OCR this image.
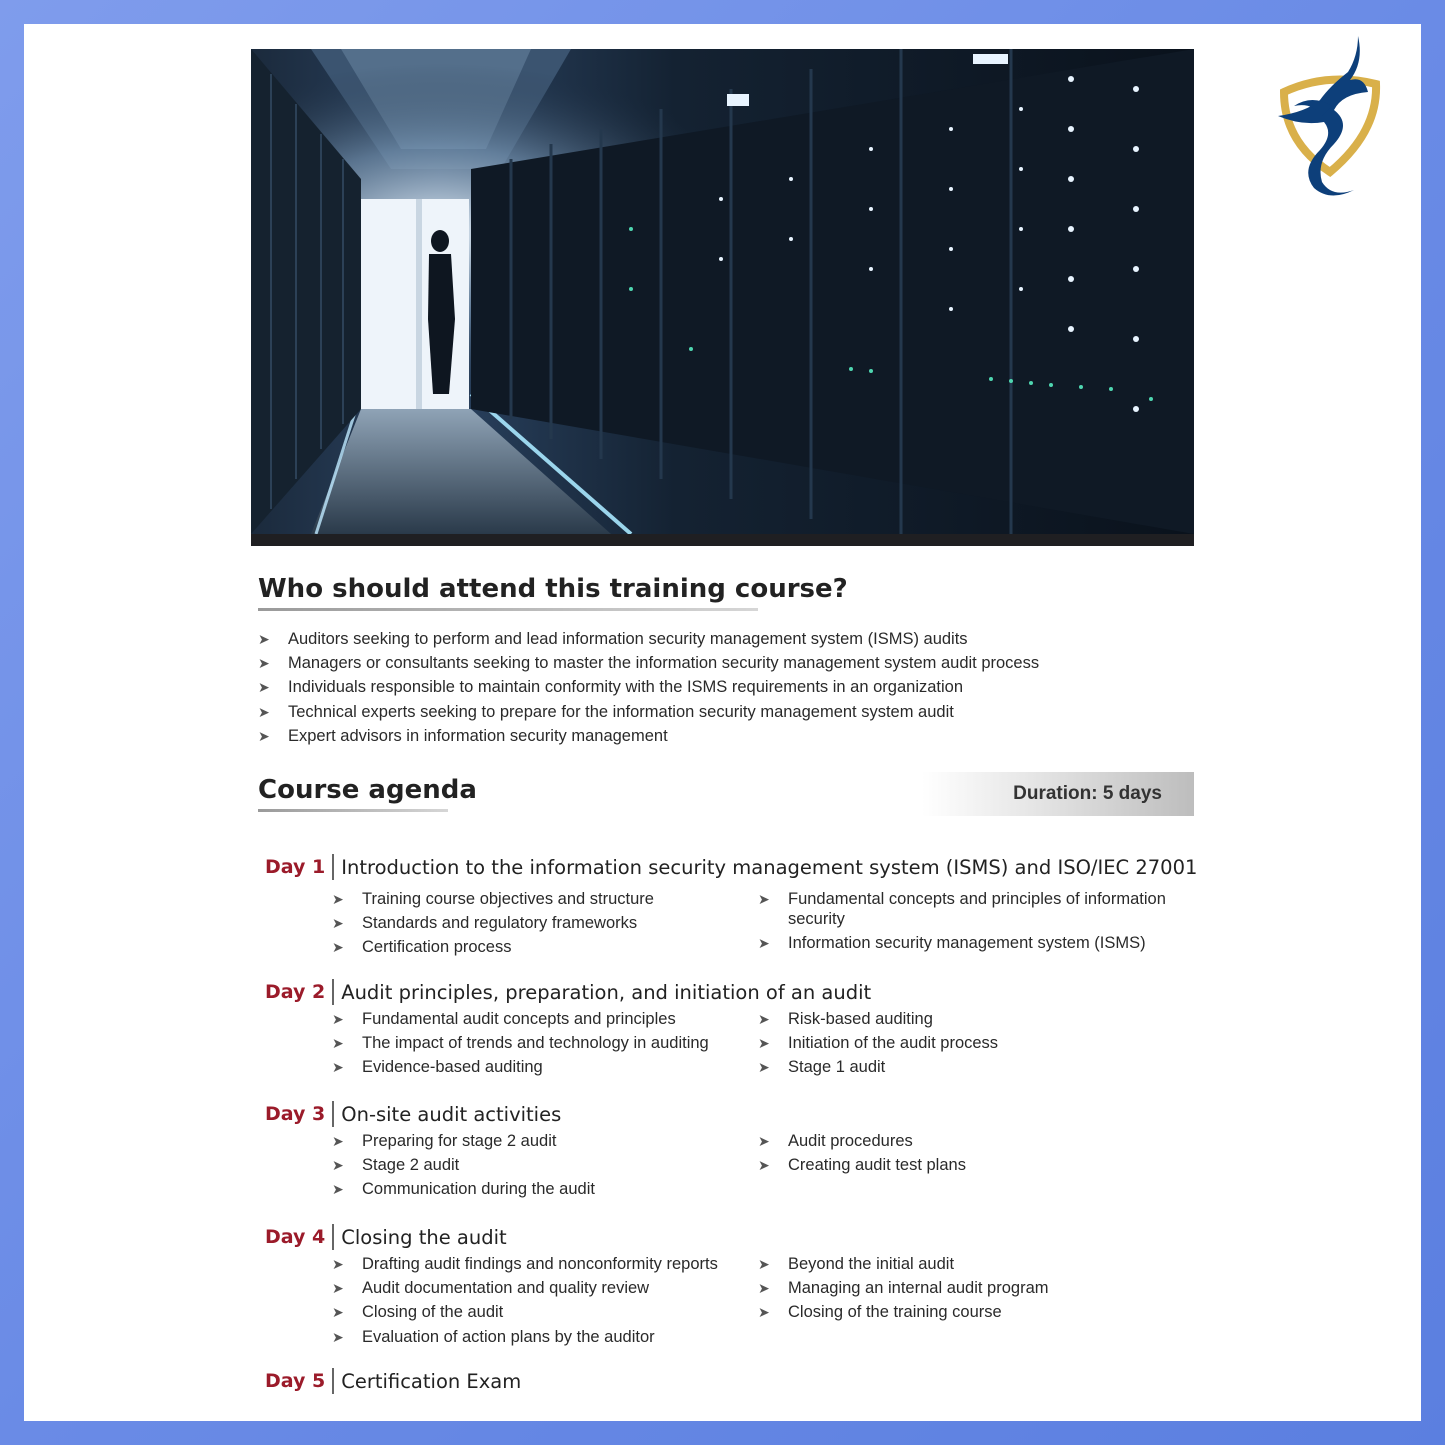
Who should attend this training course?
➤ Auditors seeking to perform and lead information security management system (ISMS) audits
➤ Managers or consultants seeking to master the information security management system audit process
➤ Individuals responsible to maintain conformity with the ISMS requirements in an organization
➤ Technical experts seeking to prepare for the information security management system audit
➤ Expert advisors in information security management
Course agenda	Duration: 5 days
Day 1 Introduction to the information security management system (ISMS) and ISO/IEC 27001
➤ Training course objectives and structure
➤ Standards and regulatory frameworks
➤ Certification process
➤ Fundamental concepts and principles of information security
➤ Information security management system (ISMS)
Day 2 Audit principles, preparation, and initiation of an audit
➤ Fundamental audit concepts and principles
➤ The impact of trends and technology in auditing
➤ Evidence-based auditing
➤ Risk-based auditing
➤ Initiation of the audit process
➤ Stage 1 audit
Day 3 On-site audit activities
➤ Preparing for stage 2 audit
➤ Stage 2 audit
➤ Communication during the audit
➤ Audit procedures
➤ Creating audit test plans
Day 4 Closing the audit
➤ Drafting audit findings and nonconformity reports
➤ Audit documentation and quality review
➤ Closing of the audit
➤ Evaluation of action plans by the auditor
➤ Beyond the initial audit
➤ Managing an internal audit program
➤ Closing of the training course
Day 5 Certification Exam
